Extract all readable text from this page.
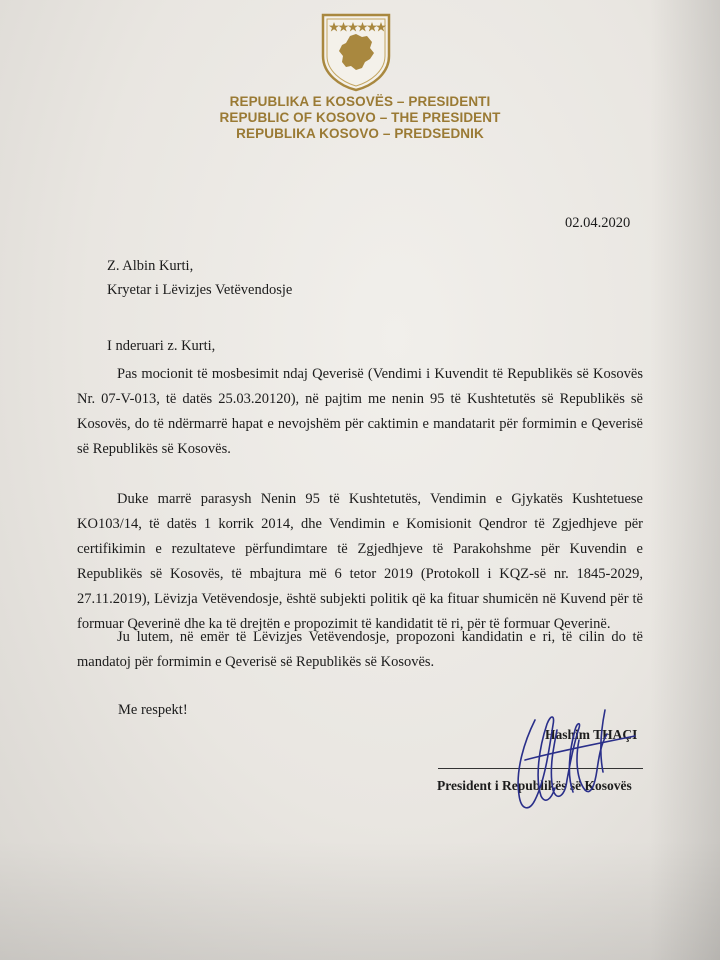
REPUBLIKA E KOSOVËS – PRESIDENTI
REPUBLIC OF KOSOVO – THE PRESIDENT
REPUBLIKA KOSOVO – PREDSEDNIK
02.04.2020
Z. Albin Kurti,
Kryetar i Lëvizjes Vetëvendosje
I nderuari z. Kurti,
Pas mocionit të mosbesimit ndaj Qeverisë (Vendimi i Kuvendit të Republikës së Kosovës Nr. 07-V-013, të datës 25.03.20120), në pajtim me nenin 95 të Kushtetutës së Republikës së Kosovës, do të ndërmarrë hapat e nevojshëm për caktimin e mandatarit për formimin e Qeverisë së Republikës së Kosovës.
Duke marrë parasysh Nenin 95 të Kushtetutës, Vendimin e Gjykatës Kushtetuese KO103/14, të datës 1 korrik 2014, dhe Vendimin e Komisionit Qendror të Zgjedhjeve për certifikimin e rezultateve përfundimtare të Zgjedhjeve të Parakohshme për Kuvendin e Republikës së Kosovës, të mbajtura më 6 tetor 2019 (Protokoll i KQZ-së nr. 1845-2029, 27.11.2019), Lëvizja Vetëvendosje, është subjekti politik që ka fituar shumicën në Kuvend për të formuar Qeverinë dhe ka të drejtën e propozimit të kandidatit të ri, për të formuar Qeverinë.
Ju lutem, në emër të Lëvizjes Vetëvendosje, propozoni kandidatin e ri, të cilin do të mandatoj për formimin e Qeverisë së Republikës së Kosovës.
Me respekt!
Hashim THAÇI
President i Republikës së Kosovës
